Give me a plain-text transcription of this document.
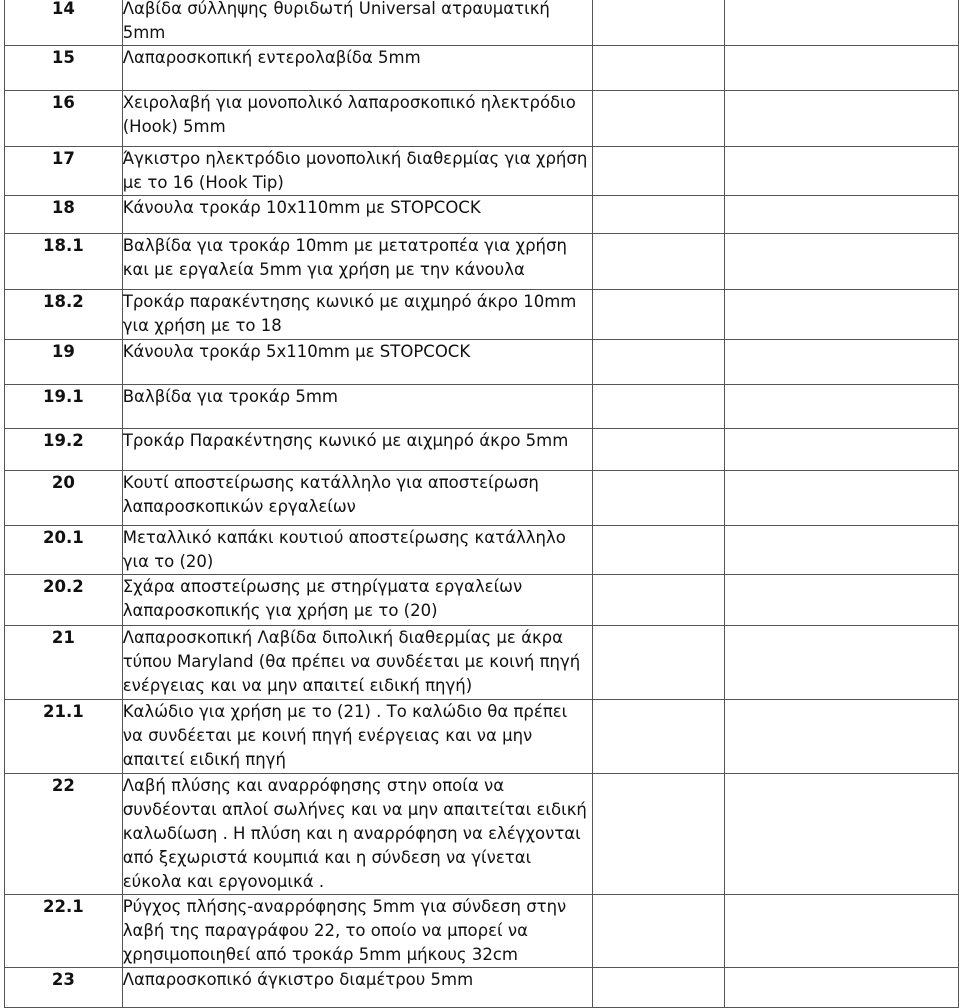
14	Λαβίδα σύλληψης θυριδωτή Universal ατραυματική 5mm		
15	Λαπαροσκοπική εντερολαβίδα 5mm		
16	Χειρολαβή για μονοπολικό λαπαροσκοπικό ηλεκτρόδιο (Hook) 5mm		
17	Άγκιστρο ηλεκτρόδιο μονοπολική διαθερμίας για χρήση με το 16 (Hook Tip)		
18	Κάνουλα τροκάρ 10x110mm με STOPCOCK		
18.1	Βαλβίδα για τροκάρ 10mm με μετατροπέα για χρήση και με εργαλεία 5mm για χρήση με την κάνουλα		
18.2	Τροκάρ παρακέντησης κωνικό με αιχμηρό άκρο 10mm για χρήση με το 18		
19	Κάνουλα τροκάρ 5x110mm με STOPCOCK		
19.1	Βαλβίδα για τροκάρ 5mm		
19.2	Τροκάρ Παρακέντησης κωνικό με αιχμηρό άκρο 5mm		
20	Κουτί αποστείρωσης κατάλληλο για αποστείρωση λαπαροσκοπικών εργαλείων		
20.1	Μεταλλικό καπάκι κουτιού αποστείρωσης κατάλληλο για το (20)		
20.2	Σχάρα αποστείρωσης με στηρίγματα εργαλείων λαπαροσκοπικής για χρήση με το (20)		
21	Λαπαροσκοπική Λαβίδα διπολική διαθερμίας με άκρα τύπου Maryland (θα πρέπει να συνδέεται με κοινή πηγή ενέργειας και να μην απαιτεί ειδική πηγή)		
21.1	Καλώδιο για χρήση με το (21) . Το καλώδιο θα πρέπει να συνδέεται με κοινή πηγή ενέργειας και να μην απαιτεί ειδική πηγή		
22	Λαβή πλύσης και αναρρόφησης στην οποία να συνδέονται απλοί σωλήνες και να μην απαιτείται ειδική καλωδίωση . Η πλύση και η αναρρόφηση να ελέγχονται από ξεχωριστά κουμπιά και η σύνδεση να γίνεται εύκολα και εργονομικά .		
22.1	Ρύγχος πλήσης-αναρρόφησης 5mm για σύνδεση στην λαβή της παραγράφου 22, το οποίο να μπορεί να χρησιμοποιηθεί από τροκάρ 5mm μήκους 32cm		
23	Λαπαροσκοπικό άγκιστρο διαμέτρου 5mm		
